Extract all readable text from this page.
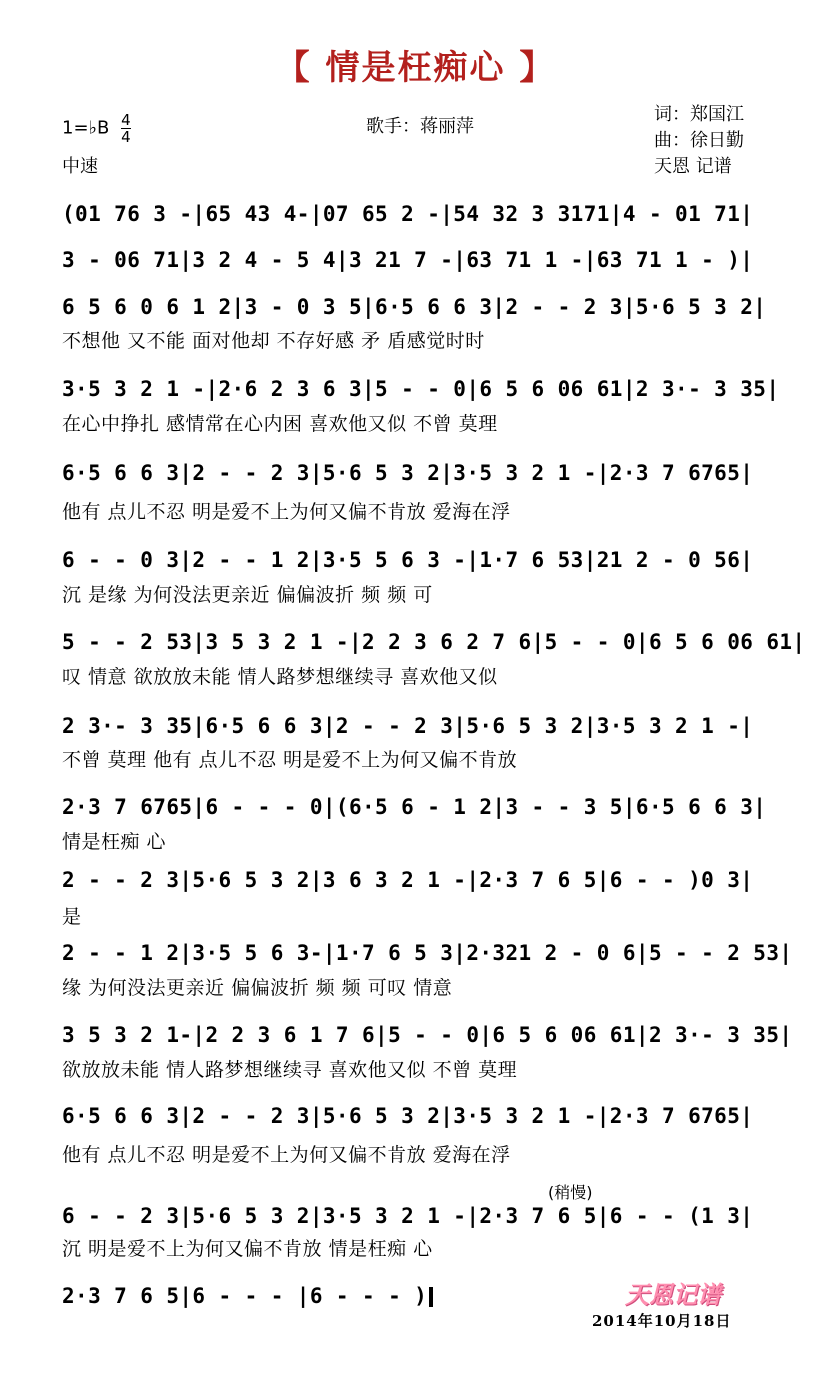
【 情是枉痴心 】
1=♭B $\frac{4}{4}$
中速
歌手：蒋丽萍
词：郑国江
曲：徐日勤
天恩 记谱
(01 76 3 -|65 43 4-|07 65 2 -|54 32 3 3171|4 - 01 71|
3 - 06 71|3 2 4 - 5 4|3 21 7 -|63 71 1 -|63 71 1 - )|
6 5 6 0 6 1 2|3 - 0 3 5|6·5 6 6 3|2 - - 2 3|5·6 5 3 2|
不想他 又不能 面对他却 不存好感 矛 盾感觉时时
3·5 3 2 1 -|2·6 2 3 6 3|5 - - 0|6 5 6 06 61|2 3·- 3 35|
在心中挣扎 感情常在心内困 喜欢他又似 不曾 莫理
6·5 6 6 3|2 - - 2 3|5·6 5 3 2|3·5 3 2 1 -|2·3 7 6765|
他有 点儿不忍 明是爱不上为何又偏不肯放 爱海在浮
6 - - 0 3|2 - - 1 2|3·5 5 6 3 -|1·7 6 53|21 2 - 0 56|
沉 是缘 为何没法更亲近 偏偏波折 频 频 可
5 - - 2 53|3 5 3 2 1 -|2 2 3 6 2 7 6|5 - - 0|6 5 6 06 61|
叹 情意 欲放放未能 情人路梦想继续寻 喜欢他又似
2 3·- 3 35|6·5 6 6 3|2 - - 2 3|5·6 5 3 2|3·5 3 2 1 -|
不曾 莫理 他有 点儿不忍 明是爱不上为何又偏不肯放
2·3 7 6765|6 - - - 0|(6·5 6 - 1 2|3 - - 3 5|6·5 6 6 3|
情是枉痴 心
2 - - 2 3|5·6 5 3 2|3 6 3 2 1 -|2·3 7 6 5|6 - - )0 3|
是
2 - - 1 2|3·5 5 6 3-|1·7 6 5 3|2·321 2 - 0 6|5 - - 2 53|
缘 为何没法更亲近 偏偏波折 频 频 可叹 情意
3 5 3 2 1-|2 2 3 6 1 7 6|5 - - 0|6 5 6 06 61|2 3·- 3 35|
欲放放未能 情人路梦想继续寻 喜欢他又似 不曾 莫理
6·5 6 6 3|2 - - 2 3|5·6 5 3 2|3·5 3 2 1 -|2·3 7 6765|
他有 点儿不忍 明是爱不上为何又偏不肯放 爱海在浮
(稍慢)
6 - - 2 3|5·6 5 3 2|3·5 3 2 1 -|2·3 7 6 5|6 - - (1 3|
沉 明是爱不上为何又偏不肯放 情是枉痴 心
2·3 7 6 5|6 - - - |6 - - - )	天恩记谱
2014年10月18日
